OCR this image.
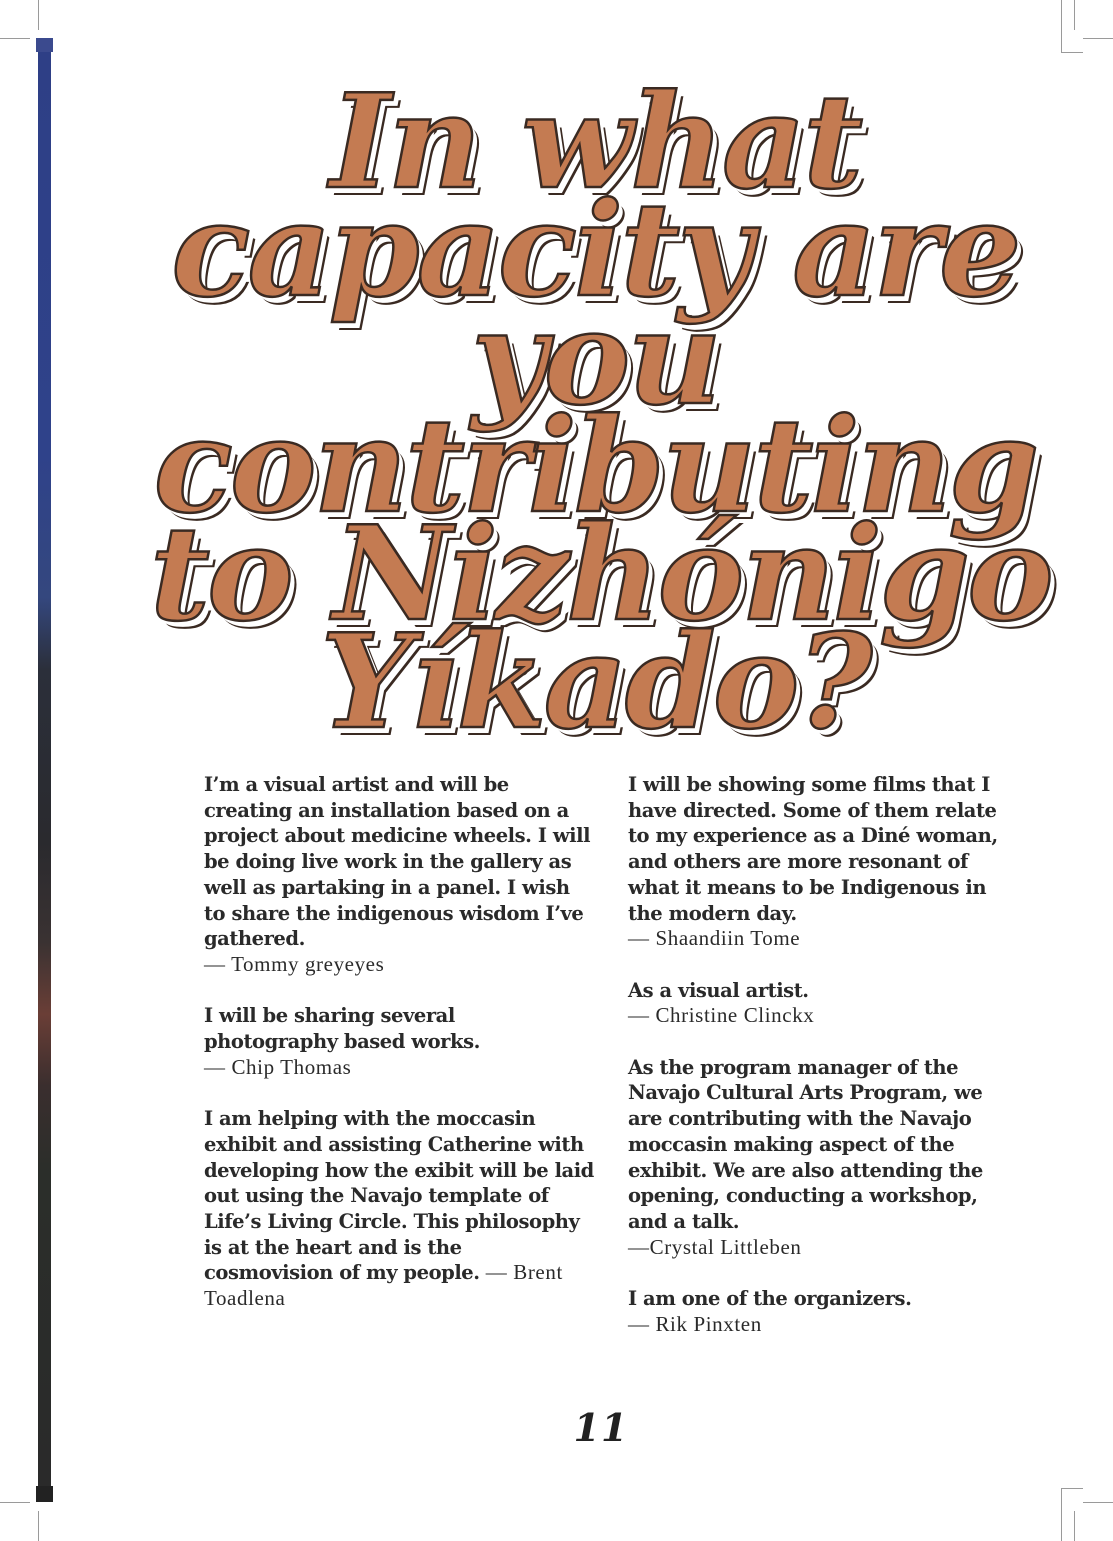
In what
capacity are
you
contributing
to Nizhónigo
Yíkado?

I’m a visual artist and will be creating an installation based on a project about medicine wheels. I will be doing live work in the gallery as well as partaking in a panel. I wish to share the indigenous wisdom I’ve gathered.
— Tommy greyeyes

I will be sharing several photography based works.
— Chip Thomas

I am helping with the moccasin exhibit and assisting Catherine with developing how the exibit will be laid out using the Navajo template of Life’s Living Circle. This philosophy is at the heart and is the cosmovision of my people. — Brent Toadlena

I will be showing some films that I have directed. Some of them relate to my experience as a Diné woman, and others are more resonant of what it means to be Indigenous in the modern day.
— Shaandiin Tome

As a visual artist.
— Christine Clinckx

As the program manager of the Navajo Cultural Arts Program, we are contributing with the Navajo moccasin making aspect of the exhibit. We are also attending the opening, conducting a workshop, and a talk.
—Crystal Littleben

I am one of the organizers.
— Rik Pinxten

11
